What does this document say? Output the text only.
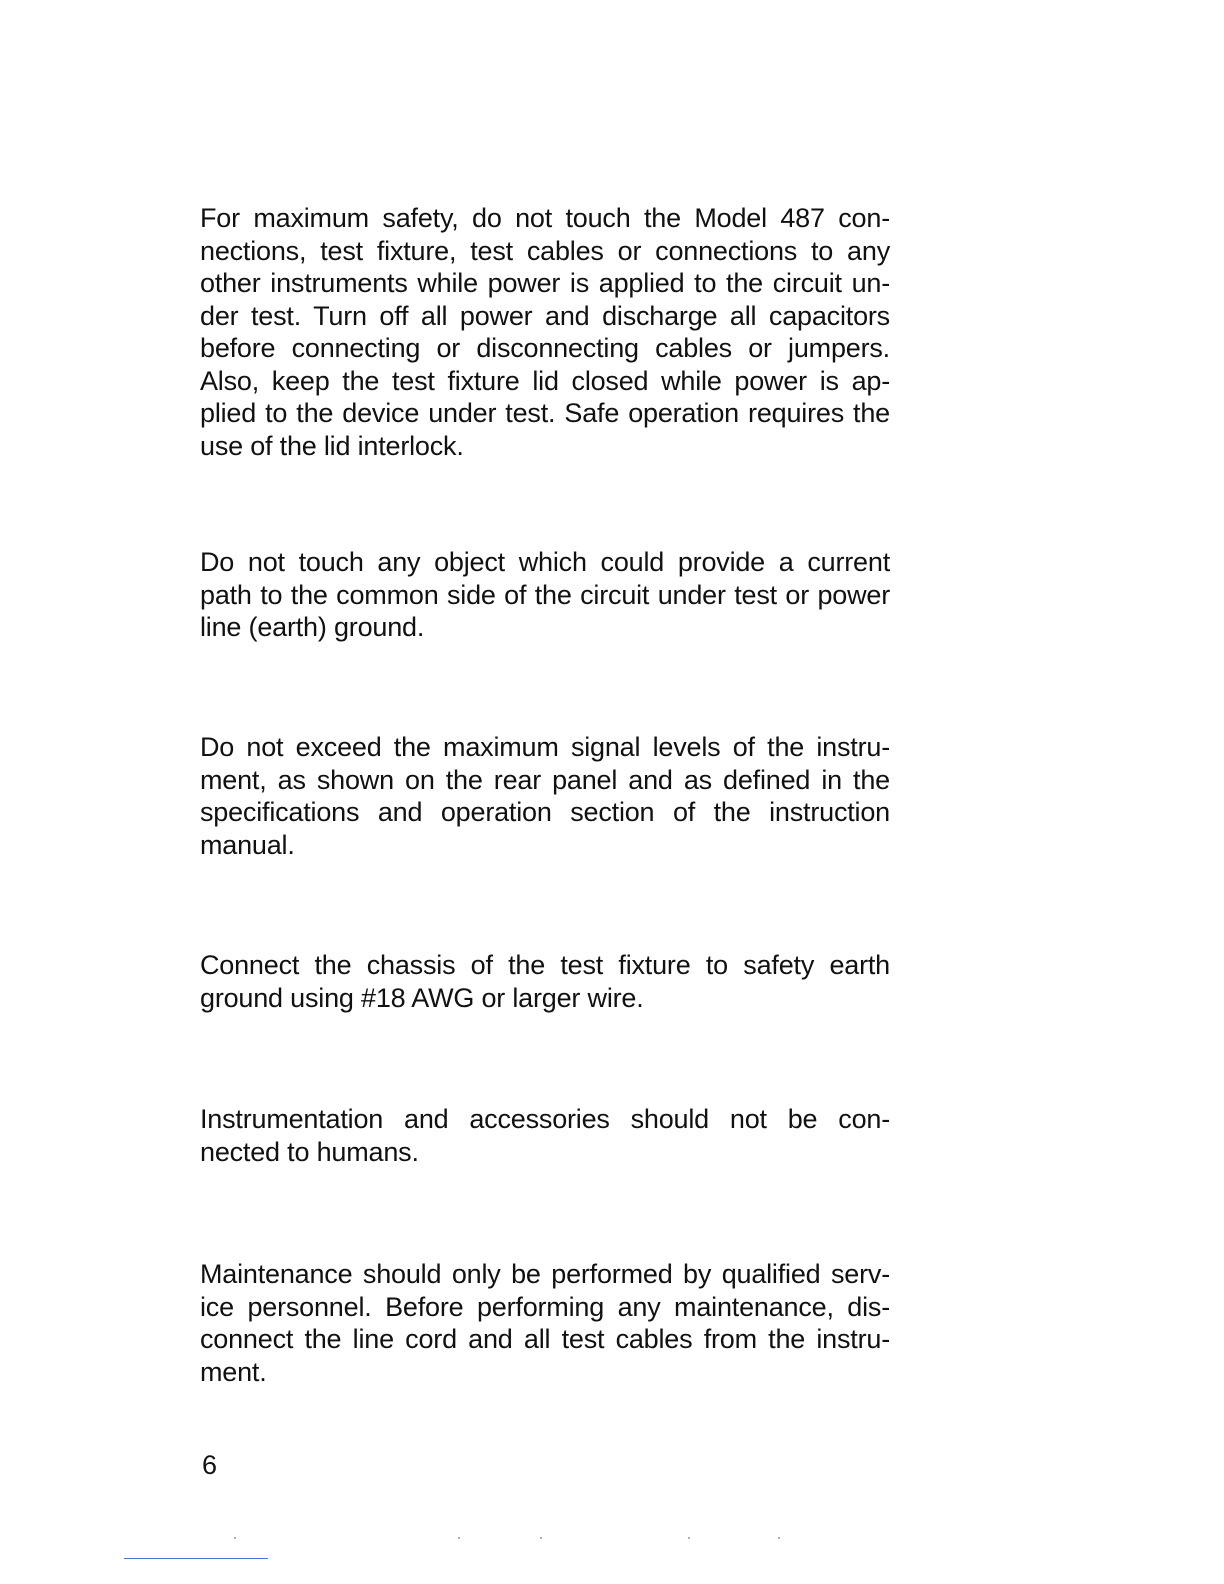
For maximum safety, do not touch the Model 487 con-
nections, test fixture, test cables or connections to any
other instruments while power is applied to the circuit un-
der test. Turn off all power and discharge all capacitors
before connecting or disconnecting cables or jumpers.
Also, keep the test fixture lid closed while power is ap-
plied to the device under test. Safe operation requires the
use of the lid interlock.

Do not touch any object which could provide a current
path to the common side of the circuit under test or power
line (earth) ground.

Do not exceed the maximum signal levels of the instru-
ment, as shown on the rear panel and as defined in the
specifications and operation section of the instruction
manual.

Connect the chassis of the test fixture to safety earth
ground using #18 AWG or larger wire.

Instrumentation and accessories should not be con-
nected to humans.

Maintenance should only be performed by qualified serv-
ice personnel. Before performing any maintenance, dis-
connect the line cord and all test cables from the instru-
ment.

6
